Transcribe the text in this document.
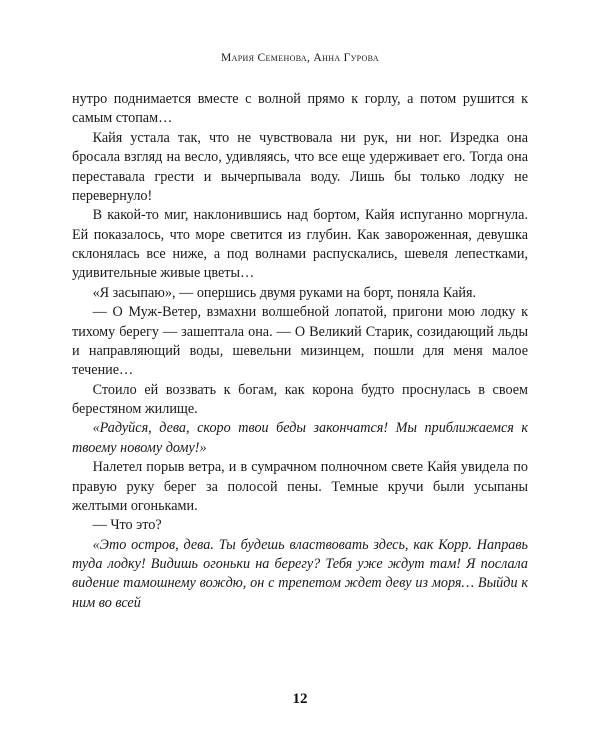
Мария Семенова, Анна Гурова

нутро поднимается вместе с волной прямо к горлу, а потом рушится к самым стопам…

Кайя устала так, что не чувствовала ни рук, ни ног. Изредка она бросала взгляд на весло, удивляясь, что все еще удерживает его. Тогда она переставала грести и вычерпывала воду. Лишь бы только лодку не перевернуло!

В какой-то миг, наклонившись над бортом, Кайя испуганно моргнула. Ей показалось, что море светится из глубин. Как завороженная, девушка склонялась все ниже, а под волнами распускались, шевеля лепестками, удивительные живые цветы…

«Я засыпаю», — опершись двумя руками на борт, поняла Кайя.

— О Муж-Ветер, взмахни волшебной лопатой, пригони мою лодку к тихому берегу — зашептала она. — О Великий Старик, созидающий льды и направляющий воды, шевельни мизинцем, пошли для меня малое течение…

Стоило ей воззвать к богам, как корона будто проснулась в своем берестяном жилище.

«Радуйся, дева, скоро твои беды закончатся! Мы приближаемся к твоему новому дому!»

Налетел порыв ветра, и в сумрачном полночном свете Кайя увидела по правую руку берег за полосой пены. Темные кручи были усыпаны желтыми огоньками.

— Что это?

«Это остров, дева. Ты будешь властвовать здесь, как Корр. Направь туда лодку! Видишь огоньки на берегу? Тебя уже ждут там! Я послала видение тамошнему вождю, он с трепетом ждет деву из моря… Выйди к ним во всей

12
